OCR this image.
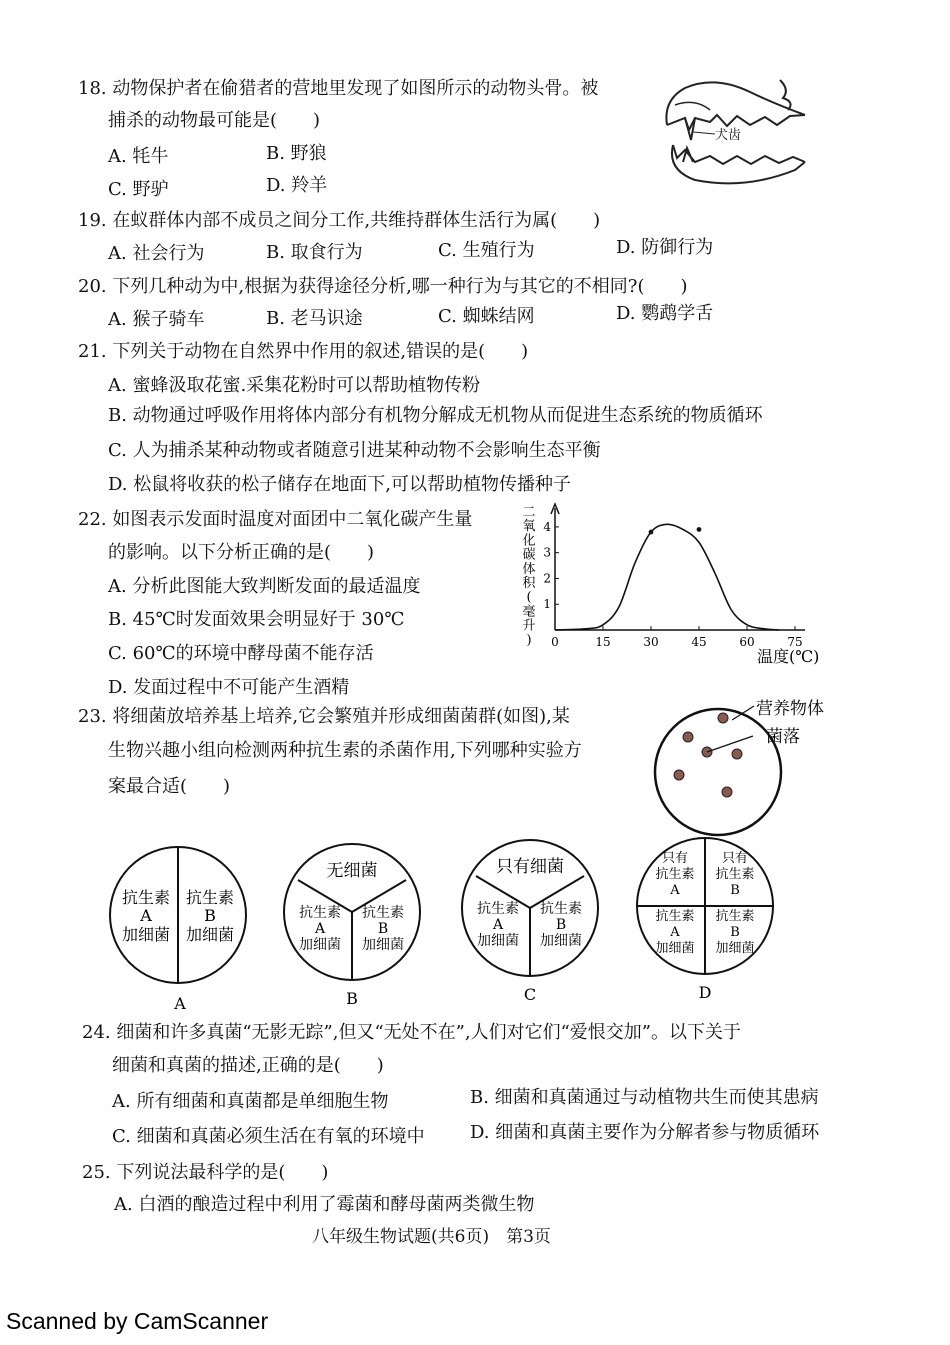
18. 动物保护者在偷猎者的营地里发现了如图所示的动物头骨。被
捕杀的动物最可能是(　　)
A. 牦牛	B. 野狼
C. 野驴	D. 羚羊
犬齿
19. 在蚁群体内部不成员之间分工作,共维持群体生活行为属(　　)
A. 社会行为	B. 取食行为	C. 生殖行为	D. 防御行为
20. 下列几种动为中,根据为获得途径分析,哪一种行为与其它的不相同?(　　)
A. 猴子骑车	B. 老马识途	C. 蜘蛛结网	D. 鹦鹉学舌
21. 下列关于动物在自然界中作用的叙述,错误的是(　　)
A. 蜜蜂汲取花蜜.采集花粉时可以帮助植物传粉
B. 动物通过呼吸作用将体内部分有机物分解成无机物从而促进生态系统的物质循环
C. 人为捕杀某种动物或者随意引进某种动物不会影响生态平衡
D. 松鼠将收获的松子储存在地面下,可以帮助植物传播种子
22. 如图表示发面时温度对面团中二氧化碳产生量
的影响。以下分析正确的是(　　)
A. 分析此图能大致判断发面的最适温度
B. 45℃时发面效果会明显好于 30℃
C. 60℃的环境中酵母菌不能存活
D. 发面过程中不可能产生酒精
二
氧
化
碳
体
积
(
毫
升
) 0	15	30	45	60	75
1
2
3
4
温度(℃)
23. 将细菌放培养基上培养,它会繁殖并形成细菌菌群(如图),某
生物兴趣小组向检测两种抗生素的杀菌作用,下列哪种实验方
案最合适(　　)
营养物体
菌落
抗生素
A
加细菌
抗生素
B
加细菌
A
无细菌
抗生素
A
加细菌
抗生素
B
加细菌
B
只有细菌
抗生素
A
加细菌
抗生素
B
加细菌
C
只有
抗生素
A
只有
抗生素
B
抗生素
A
加细菌
抗生素
B
加细菌
D
24. 细菌和许多真菌“无影无踪”,但又“无处不在”,人们对它们“爱恨交加”。以下关于
细菌和真菌的描述,正确的是(　　)
A. 所有细菌和真菌都是单细胞生物	B. 细菌和真菌通过与动植物共生而使其患病
C. 细菌和真菌必须生活在有氧的环境中	D. 细菌和真菌主要作为分解者参与物质循环
25. 下列说法最科学的是(　　)
A. 白酒的酿造过程中利用了霉菌和酵母菌两类微生物
八年级生物试题(共6页)　第3页
Scanned by CamScanner
